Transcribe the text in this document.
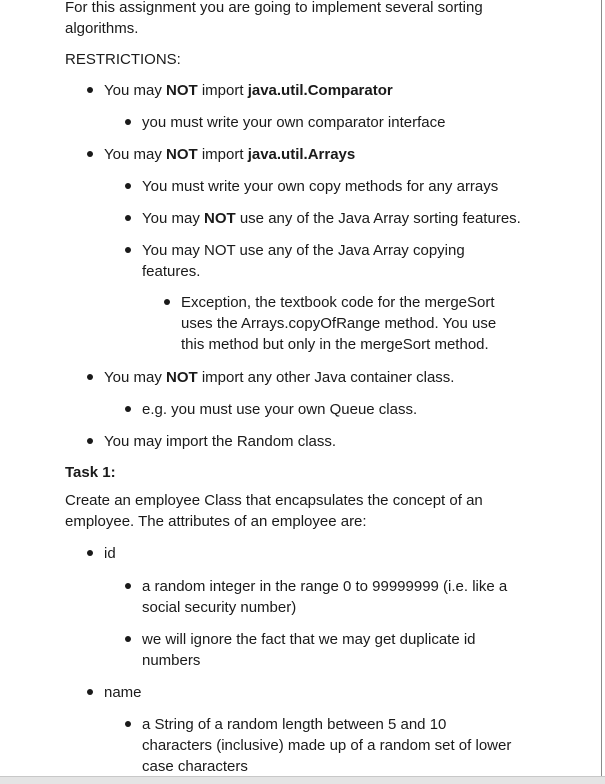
For this assignment you are going to implement several sorting
algorithms.
RESTRICTIONS:
You may NOT import java.util.Comparator
you must write your own comparator interface
You may NOT import java.util.Arrays
You must write your own copy methods for any arrays
You may NOT use any of the Java Array sorting features.
You may NOT use any of the Java Array copying
features.
Exception, the textbook code for the mergeSort
uses the Arrays.copyOfRange method. You use
this method but only in the mergeSort method.
You may NOT import any other Java container class.
e.g. you must use your own Queue class.
You may import the Random class.
Task 1:
Create an employee Class that encapsulates the concept of an
employee. The attributes of an employee are:
id
a random integer in the range 0 to 99999999 (i.e. like a
social security number)
we will ignore the fact that we may get duplicate id
numbers
name
a String of a random length between 5 and 10
characters (inclusive) made up of a random set of lower
case characters
